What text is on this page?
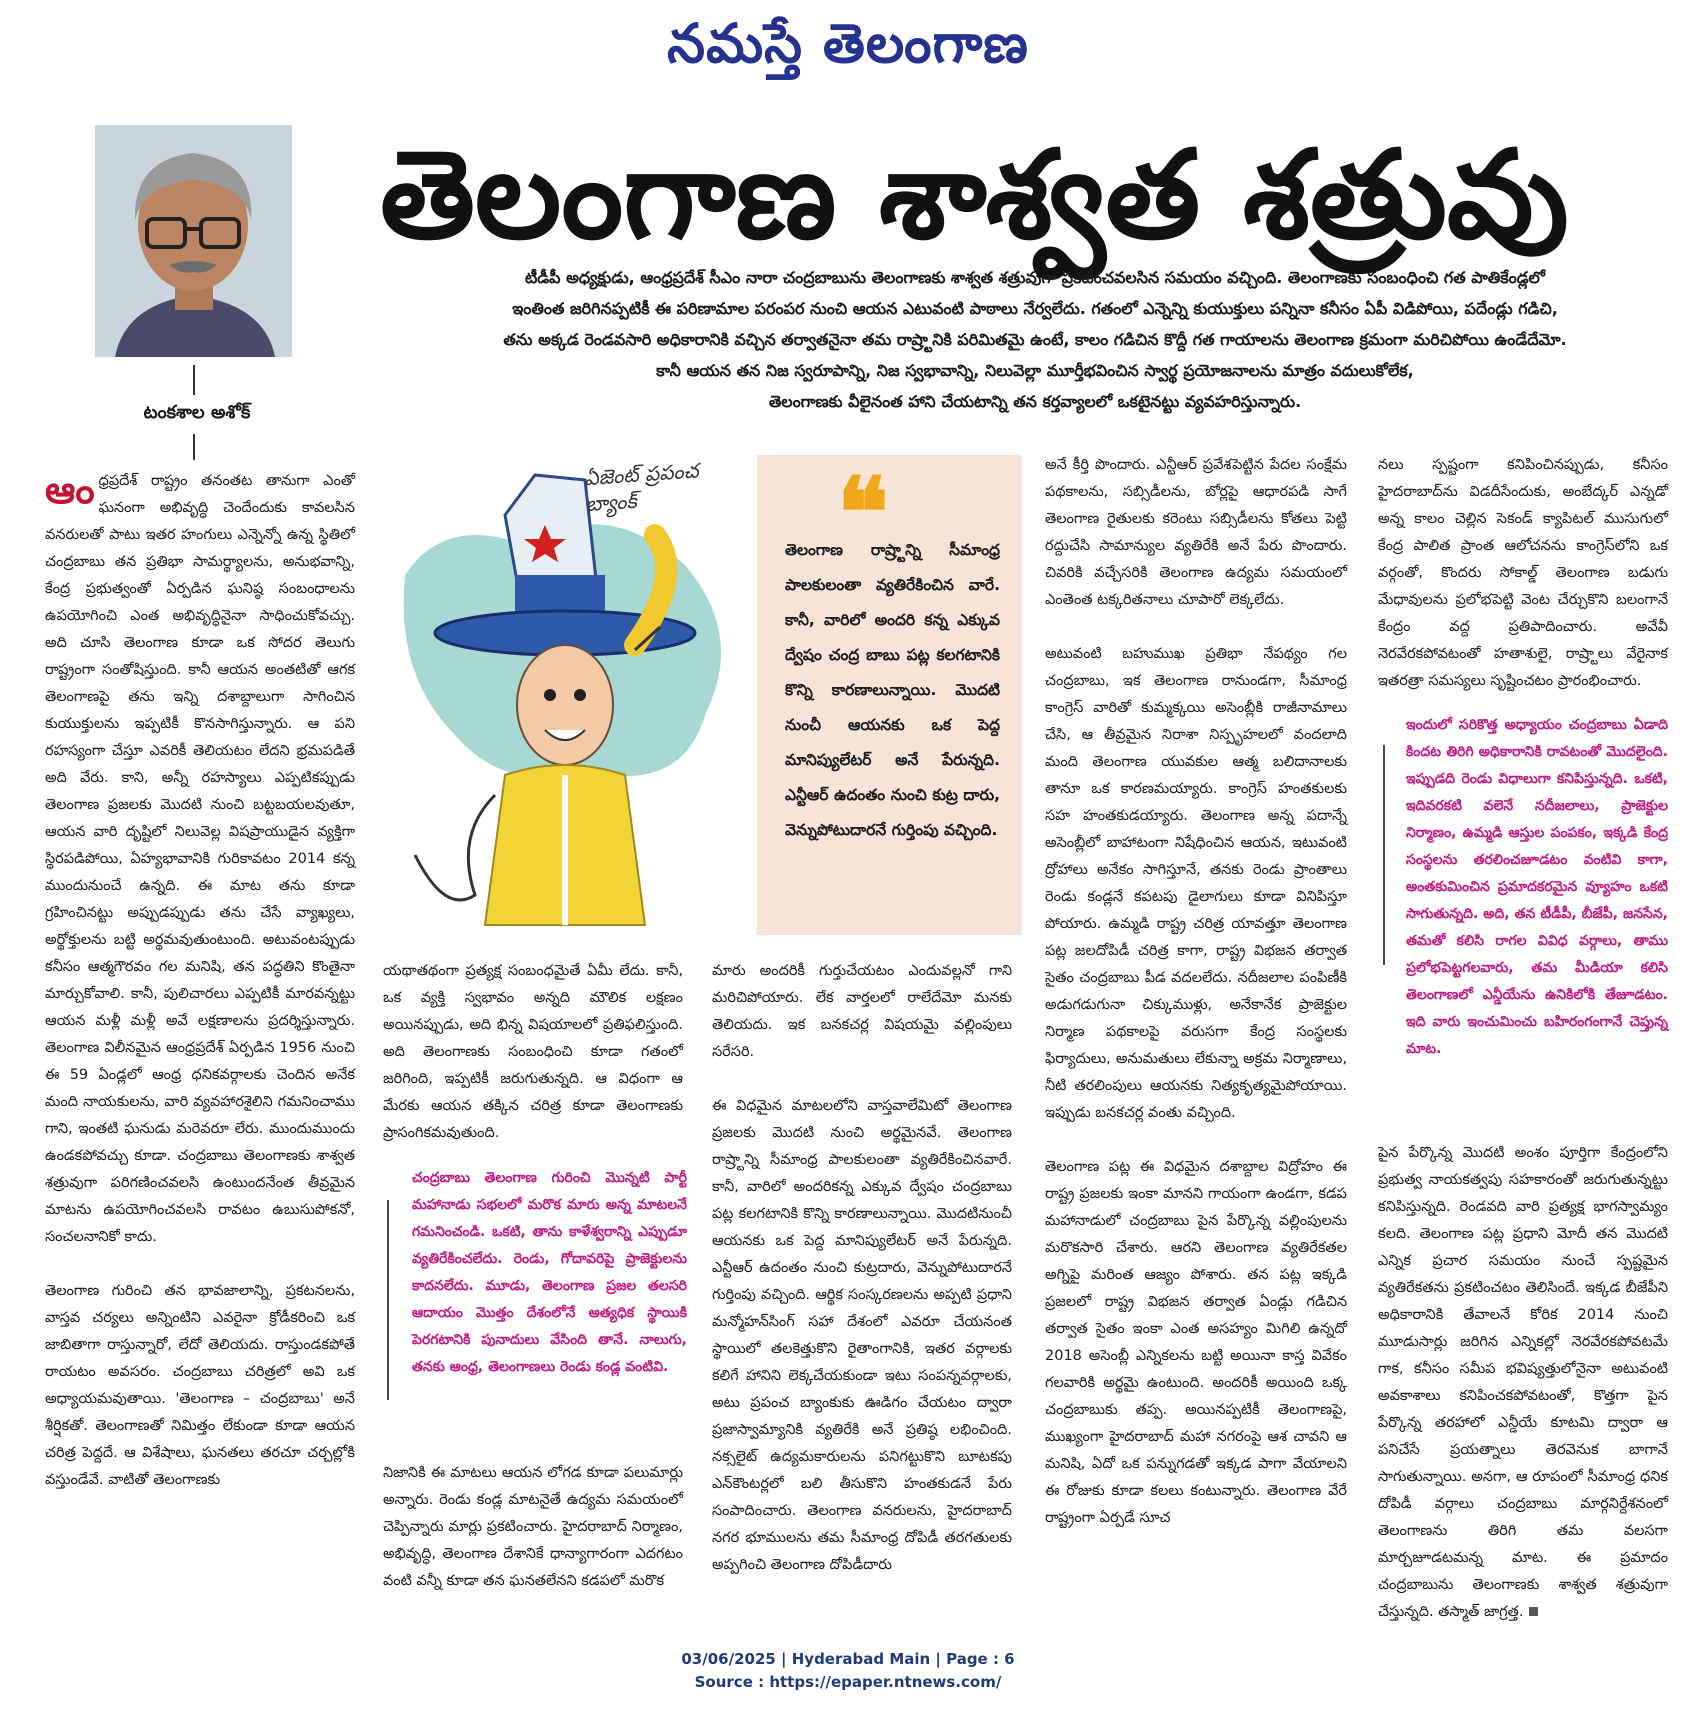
నమస్తే తెలంగాణ
టంకశాల అశోక్
తెలంగాణ శాశ్వత శత్రువు

టీడీపీ అధ్యక్షుడు, ఆంధ్రప్రదేశ్ సీఎం నారా చంద్రబాబును తెలంగాణకు శాశ్వత శత్రువుగా ప్రకటించవలసిన సమయం వచ్చింది. తెలంగాణకు సంబంధించి గత పాతికేండ్లలో

ఇంతింత జరిగినప్పటికీ ఈ పరిణామాల పరంపర నుంచి ఆయన ఎటువంటి పాఠాలు నేర్వలేదు. గతంలో ఎన్నెన్ని కుయుక్తులు పన్నినా కనీసం ఏపీ విడిపోయి, పదేండ్లు గడిచి,

తను అక్కడ రెండవసారి అధికారానికి వచ్చిన తర్వాతనైనా తమ రాష్ర్టానికి పరిమితమై ఉంటే, కాలం గడిచిన కొద్దీ గత గాయాలను తెలంగాణ క్రమంగా మరిచిపోయి ఉండేదేమో.

కానీ ఆయన తన నిజ స్వరూపాన్ని, నిజ స్వభావాన్ని, నిలువెల్లా మూర్తీభవించిన స్వార్థ ప్రయోజనాలను మాత్రం వదులుకోలేక,

తెలంగాణకు వీలైనంత హాని చేయటాన్ని తన కర్తవ్యాలలో ఒకటైనట్టు వ్యవహరిస్తున్నారు.

ఆం ధ్రప్రదేశ్ రాష్ట్రం తనంతట తానుగా ఎంతో ఘనంగా అభివృద్ధి చెందేందుకు కావలసిన వనరులతో పాటు ఇతర హంగులు ఎన్నెన్నో ఉన్న స్థితిలో చంద్రబాబు తన ప్రతిభా సామర్థ్యాలను, అనుభవాన్ని, కేంద్ర ప్రభుత్వంతో ఏర్పడిన ఘనిష్ఠ సంబంధాలను ఉపయోగించి ఎంత అభివృద్ధినైనా సాధించుకోవచ్చు. అది చూసి తెలంగాణ కూడా ఒక సోదర తెలుగు రాష్ట్రంగా సంతోషిస్తుంది. కానీ ఆయన అంతటితో ఆగక తెలంగాణపై తను ఇన్ని దశాబ్దాలుగా సాగించిన కుయుక్తులను ఇప్పటికీ కొనసాగిస్తున్నారు. ఆ పని రహస్యంగా చేస్తూ ఎవరికీ తెలియటం లేదని భ్రమపడితే అది వేరు. కాని, అన్నీ రహస్యాలు ఎప్పటికప్పుడు తెలంగాణ ప్రజలకు మొదటి నుంచి బట్టబయలవుతూ, ఆయన వారి దృష్టిలో నిలువెల్ల విషప్రాయుడైన వ్యక్తిగా స్థిరపడిపోయి, ఏహ్యభావానికి గురికావటం 2014 కన్న ముందునుంచే ఉన్నది. ఈ మాట తను కూడా గ్రహించినట్టు అప్పుడప్పుడు తను చేసే వ్యాఖ్యలు, అర్థోక్తులను బట్టి అర్థమవుతుంటుంది. అటువంటప్పుడు కనీసం ఆత్మగౌరవం గల మనిషి, తన పద్ధతిని కొంతైనా మార్చుకోవాలి. కానీ, పులిచారలు ఎప్పటికీ మారవన్నట్టు ఆయన మళ్లీ మళ్లీ అవే లక్షణాలను ప్రదర్శిస్తున్నారు. తెలంగాణ విలీనమైన ఆంధ్రప్రదేశ్ ఏర్పడిన 1956 నుంచి ఈ 59 ఏండ్లలో ఆంధ్ర ధనికవర్గాలకు చెందిన అనేక మంది నాయకులను, వారి వ్యవహారశైలిని గమనించాము గాని, ఇంతటి ఘనుడు మరెవరూ లేరు. ముందుముందు ఉండకపోవచ్చు కూడా. చంద్రబాబు తెలంగాణకు శాశ్వత శత్రువుగా పరిగణించవలసి ఉంటుందనేంత తీవ్రమైన మాటను ఉపయోగించవలసి రావటం ఉబుసుపోకనో, సంచలనానికో కాదు.

తెలంగాణ గురించి తన భావజాలాన్ని, ప్రకటనలను, వాస్తవ చర్యలు అన్నింటిని ఎవరైనా క్రోడీకరించి ఒక జాబితాగా రాస్తున్నారో, లేదో తెలియదు. రాస్తుండకపోతే రాయటం అవసరం. చంద్రబాబు చరిత్రలో అవి ఒక అధ్యాయమవుతాయి. 'తెలంగాణ – చంద్రబాబు' అనే శీర్షికతో. తెలంగాణతో నిమిత్తం లేకుండా కూడా ఆయన చరిత్ర పెద్దదే. ఆ విశేషాలు, ఘనతలు తరచూ చర్చల్లోకి వస్తుండేవే. వాటితో తెలంగాణకు

ఏజెంట్ ప్రపంచ బ్యాంక్	❝
తెలంగాణ రాష్ర్టాన్ని సీమాంధ్ర పాలకులంతా వ్యతిరేకించిన వారే. కానీ, వారిలో అందరి కన్న ఎక్కువ ద్వేషం చంద్ర బాబు పట్ల కలగటానికి కొన్ని కారణాలున్నాయి. మొదటి నుంచీ ఆయనకు ఒక పెద్ద మానిప్యులేటర్ అనే పేరున్నది. ఎన్టీఆర్ ఉదంతం నుంచి కుట్ర దారు, వెన్నుపోటుదారనే గుర్తింపు వచ్చింది.

యథాతథంగా ప్రత్యక్ష సంబంధమైతే ఏమీ లేదు. కానీ, ఒక వ్యక్తి స్వభావం అన్నది మౌలిక లక్షణం అయినప్పుడు, అది భిన్న విషయాలలో ప్రతిఫలిస్తుంది. అది తెలంగాణకు సంబంధించి కూడా గతంలో జరిగింది, ఇప్పటికీ జరుగుతున్నది. ఆ విధంగా ఆ మేరకు ఆయన తక్కిన చరిత్ర కూడా తెలంగాణకు ప్రాసంగికమవుతుంది.

చంద్రబాబు తెలంగాణ గురించి మొన్నటి పార్టీ మహానాడు సభలలో మరొక మారు అన్న మాటలనే గమనించండి. ఒకటి, తాను కాళేశ్వరాన్ని ఎప్పుడూ వ్యతిరేకించలేదు. రెండు, గోదావరిపై ప్రాజెక్టులను కాదనలేదు. మూడు, తెలంగాణ ప్రజల తలసరి ఆదాయం మొత్తం దేశంలోనే అత్యధిక స్థాయికి పెరగటానికి పునాదులు వేసింది తానే. నాలుగు, తనకు ఆంధ్ర, తెలంగాణలు రెండు కండ్ల వంటివి.

నిజానికి ఈ మాటలు ఆయన లోగడ కూడా పలుమార్లు అన్నారు. రెండు కండ్ల మాటనైతే ఉద్యమ సమయంలో చెప్పిన్నారు మార్లు ప్రకటించారు. హైదరాబాద్ నిర్మాణం, అభివృద్ధి, తెలంగాణ దేశానికే ధాన్యాగారంగా ఎదగటం వంటి వన్నీ కూడా తన ఘనతలేనని కడపలో మరొక

మారు అందరికీ గుర్తుచేయటం ఎందువల్లనో గాని మరిచిపోయారు. లేక వార్తలలో రాలేదేమో మనకు తెలియదు. ఇక బనకచర్ల విషయమై వల్లింపులు సరేసరి.

ఈ విధమైన మాటలలోని వాస్తవాలేమిటో తెలంగాణ ప్రజలకు మొదటి నుంచి అర్థమైనవే. తెలంగాణ రాష్ర్టాన్ని సీమాంధ్ర పాలకులంతా వ్యతిరేకించినవారే. కానీ, వారిలో అందరికన్న ఎక్కువ ద్వేషం చంద్రబాబు పట్ల కలగటానికి కొన్ని కారణాలున్నాయి. మొదటినుంచీ ఆయనకు ఒక పెద్ద మానిప్యులేటర్ అనే పేరున్నది. ఎన్టీఆర్ ఉదంతం నుంచి కుట్రదారు, వెన్నుపోటుదారనే గుర్తింపు వచ్చింది. ఆర్థిక సంస్కరణలను అప్పటి ప్రధాని మన్మోహన్‌సింగ్ సహా దేశంలో ఎవరూ చేయనంత స్థాయిలో తలకెత్తుకొని రైతాంగానికి, ఇతర వర్గాలకు కలిగే హానిని లెక్కచేయకుండా ఇటు సంపన్నవర్గాలకు, అటు ప్రపంచ బ్యాంకుకు ఊడిగం చేయటం ద్వారా ప్రజాస్వామ్యానికి వ్యతిరేకి అనే ప్రతిష్ఠ లభించింది. నక్సలైట్ ఉద్యమకారులను పనిగట్టుకొని బూటకపు ఎన్‌కౌంటర్లలో బలి తీసుకొని హంతకుడనే పేరు సంపాదించారు. తెలంగాణ వనరులను, హైదరాబాద్ నగర భూములను తమ సీమాంధ్ర దోపిడీ తరగతులకు అప్పగించి తెలంగాణ దోపిడీదారు

అనే కీర్తి పొందారు. ఎన్టీఆర్ ప్రవేశపెట్టిన పేదల సంక్షేమ పథకాలను, సబ్సిడీలను, బోర్లపై ఆధారపడి సాగే తెలంగాణ రైతులకు కరెంటు సబ్సిడీలను కోతలు పెట్టి రద్దుచేసి సామాన్యుల వ్యతిరేకి అనే పేరు పొందారు. చివరికి వచ్చేసరికి తెలంగాణ ఉద్యమ సమయంలో ఎంతెంత టక్కరితనాలు చూపారో లెక్కలేదు.

అటువంటి బహుముఖ ప్రతిభా నేపథ్యం గల చంద్రబాబు, ఇక తెలంగాణ రానుండగా, సీమాంధ్ర కాంగ్రెస్ వారితో కుమ్మక్కయి అసెంబ్లీకి రాజీనామాలు చేసి, ఆ తీవ్రమైన నిరాశా నిస్పృహలలో వందలాది మంది తెలంగాణ యువకుల ఆత్మ బలిదానాలకు తానూ ఒక కారణమయ్యారు. కాంగ్రెస్ హంతకులకు సహ హంతకుడయ్యారు. తెలంగాణ అన్న పదాన్నే అసెంబ్లీలో బాహాటంగా నిషేధించిన ఆయన, ఇటువంటి ద్రోహాలు అనేకం సాగిస్తూనే, తనకు రెండు ప్రాంతాలు రెండు కండ్లనే కపటపు డైలాగులు కూడా వినిపిస్తూ పోయారు. ఉమ్మడి రాష్ట్ర చరిత్ర యావత్తూ తెలంగాణ పట్ల జలదోపిడీ చరిత్ర కాగా, రాష్ట్ర విభజన తర్వాత సైతం చంద్రబాబు పీడ వదలలేదు. నదీజలాల పంపిణీకి అడుగడుగునా చిక్కుముళ్లు, అనేకానేక ప్రాజెక్టుల నిర్మాణ పథకాలపై వరుసగా కేంద్ర సంస్థలకు ఫిర్యాదులు, అనుమతులు లేకున్నా అక్రమ నిర్మాణాలు, నీటి తరలింపులు ఆయనకు నిత్యకృత్యమైపోయాయి. ఇప్పుడు బనకచర్ల వంతు వచ్చింది.

తెలంగాణ పట్ల ఈ విధమైన దశాబ్దాల విద్రోహం ఈ రాష్ట్ర ప్రజలకు ఇంకా మానని గాయంగా ఉండగా, కడప మహానాడులో చంద్రబాబు పైన పేర్కొన్న వల్లింపులను మరొకసారి చేశారు. ఆరని తెలంగాణ వ్యతిరేకతల అగ్నిపై మరింత ఆజ్యం పోశారు. తన పట్ల ఇక్కడి ప్రజలలో రాష్ట్ర విభజన తర్వాత ఏండ్లు గడిచిన తర్వాత సైతం ఇంకా ఎంత అసహ్యం మిగిలి ఉన్నదో 2018 అసెంబ్లీ ఎన్నికలను బట్టి అయినా కాస్త వివేకం గలవారికి అర్థమై ఉంటుంది. అందరికీ అయింది ఒక్క చంద్రబాబుకు తప్ప. అయినప్పటికీ తెలంగాణపై, ముఖ్యంగా హైదరాబాద్ మహా నగరంపై ఆశ చావని ఆ మనిషి, ఏదో ఒక పన్నుగడతో ఇక్కడ పాగా వేయాలని ఈ రోజుకు కూడా కలలు కంటున్నారు. తెలంగాణ వేరే రాష్ట్రంగా ఏర్పడే సూచ

నలు స్పష్టంగా కనిపించినప్పుడు, కనీసం హైదరాబాద్‌ను విడదీసేందుకు, అంబేద్కర్ ఎన్నడో అన్న కాలం చెల్లిన సెకండ్ క్యాపిటల్ ముసుగులో కేంద్ర పాలిత ప్రాంత ఆలోచనను కాంగ్రెస్‌లోని ఒక వర్గంతో, కొందరు సోకాల్డ్ తెలంగాణ బడుగు మేధావులను ప్రలోభపెట్టి వెంట చేర్చుకొని బలంగానే కేంద్రం వద్ద ప్రతిపాదించారు. అవేవీ నెరవేరకపోవటంతో హతాశులై, రాష్ర్టాలు వేరైనాక ఇతరత్రా సమస్యలు సృష్టించటం ప్రారంభించారు.

ఇందులో సరికొత్త అధ్యాయం చంద్రబాబు ఏడాది కిందట తిరిగి అధికారానికి రావటంతో మొదలైంది. ఇప్పుడది రెండు విధాలుగా కనిపిస్తున్నది. ఒకటి, ఇదివరకటి వలెనే నదీజలాలు, ప్రాజెక్టుల నిర్మాణం, ఉమ్మడి ఆస్తుల పంపకం, ఇక్కడి కేంద్ర సంస్థలను తరలించజూడటం వంటివి కాగా, అంతకుమించిన ప్రమాదకరమైన వ్యూహం ఒకటి సాగుతున్నది. అది, తన టీడీపీ, బీజేపీ, జనసేన, తమతో కలిసి రాగల వివిధ వర్గాలు, తాము ప్రలోభపెట్టగలవారు, తమ మీడియా కలిసి తెలంగాణలో ఎన్డీయేను ఉనికిలోకి తేజూడటం. ఇది వారు ఇంచుమించు బహిరంగంగానే చెప్తున్న మాట.

పైన పేర్కొన్న మొదటి అంశం పూర్తిగా కేంద్రంలోని ప్రభుత్వ నాయకత్వపు సహకారంతో జరుగుతున్నట్టు కనిపిస్తున్నది. రెండవది వారి ప్రత్యక్ష భాగస్వామ్యం కలది. తెలంగాణ పట్ల ప్రధాని మోదీ తన మొదటి ఎన్నిక ప్రచార సమయం నుంచే స్పష్టమైన వ్యతిరేకతను ప్రకటించటం తెలిసిందే. ఇక్కడ బీజేపీని అధికారానికి తేవాలనే కోరిక 2014 నుంచి మూడుసార్లు జరిగిన ఎన్నికల్లో నెరవేరకపోవటమే గాక, కనీసం సమీప భవిష్యత్తులోనైనా అటువంటి అవకాశాలు కనిపించకపోవటంతో, కొత్తగా పైన పేర్కొన్న తరహాలో ఎన్డీయే కూటమి ద్వారా ఆ పనిచేసే ప్రయత్నాలు తెరవెనుక బాగానే సాగుతున్నాయి. అనగా, ఆ రూపంలో సీమాంధ్ర ధనిక దోపిడీ వర్గాలు చంద్రబాబు మార్గనిర్దేశనంలో తెలంగాణను తిరిగి తమ వలసగా మార్చజూడటమన్న మాట. ఈ ప్రమాదం చంద్రబాబును తెలంగాణకు శాశ్వత శత్రువుగా చేస్తున్నది. తస్మాత్ జాగ్రత్త.

03/06/2025 | Hyderabad Main | Page : 6
Source : https://epaper.ntnews.com/
